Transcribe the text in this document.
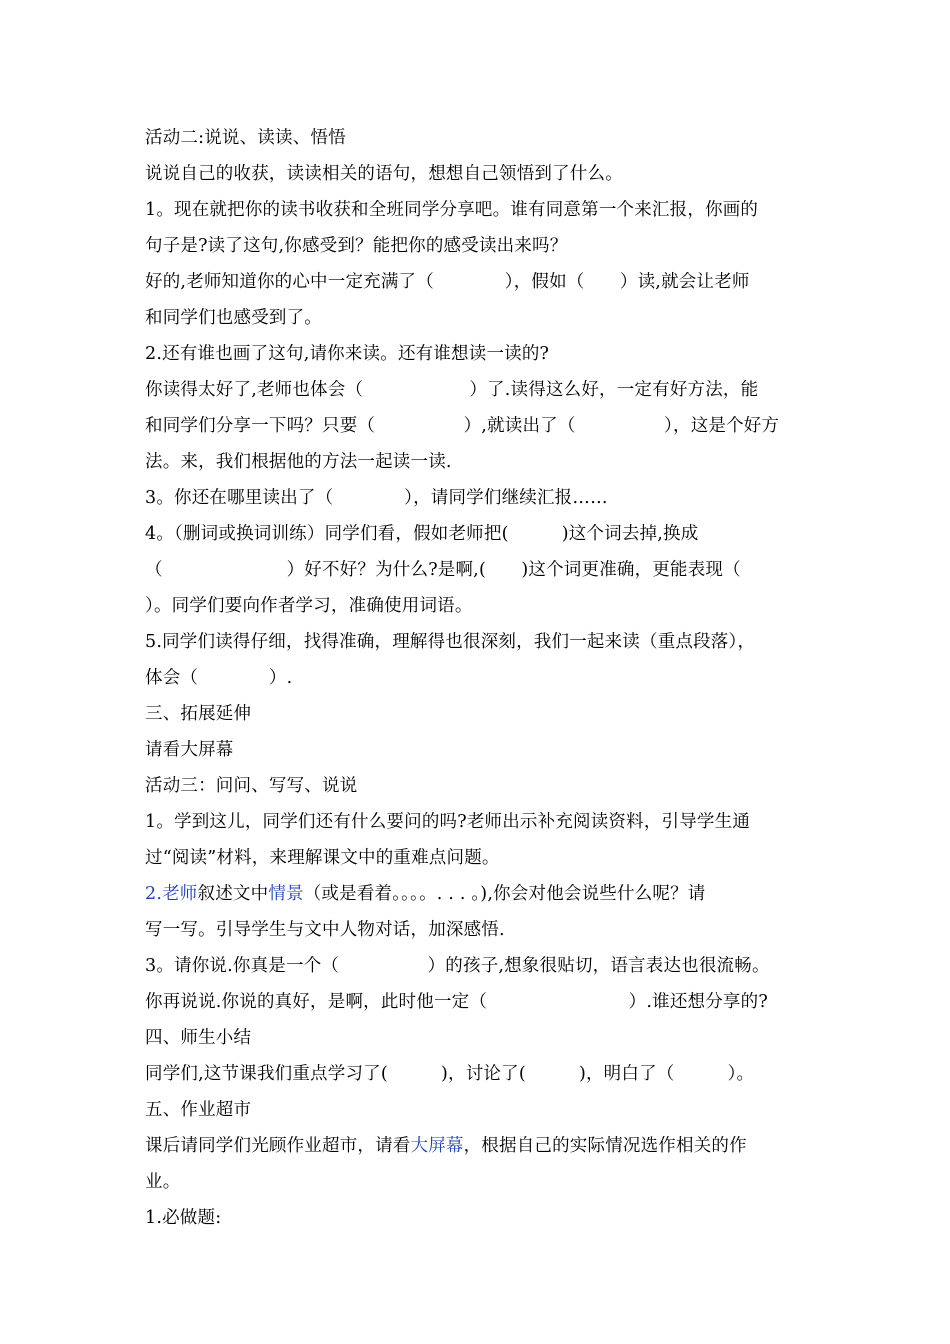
活动二:说说、读读、悟悟
说说自己的收获，读读相关的语句，想想自己领悟到了什么。
1。现在就把你的读书收获和全班同学分享吧。谁有同意第一个来汇报，你画的
句子是?读了这句,你感受到？能把你的感受读出来吗？
好的,老师知道你的心中一定充满了（　　　　），假如（　　）读,就会让老师
和同学们也感受到了。
2.还有谁也画了这句,请你来读。还有谁想读一读的?
你读得太好了,老师也体会（　　　　　　）了.读得这么好，一定有好方法，能
和同学们分享一下吗？只要（　　　　　）,就读出了（　　　　　），这是个好方
法。来，我们根据他的方法一起读一读.
3。你还在哪里读出了（　　　　），请同学们继续汇报……
4。（删词或换词训练）同学们看，假如老师把(　　　)这个词去掉,换成
（　　　　　　　）好不好？为什么?是啊,(　　)这个词更准确，更能表现（
）。同学们要向作者学习，准确使用词语。
5.同学们读得仔细，找得准确，理解得也很深刻，我们一起来读（重点段落），
体会（　　　　）.
三、拓展延伸
请看大屏幕
活动三：问问、写写、说说
1。学到这儿，同学们还有什么要问的吗?老师出示补充阅读资料，引导学生通
过“阅读”材料，来理解课文中的重难点问题。
2.老师叙述文中情景（或是看着。。。。. . . 。),你会对他会说些什么呢？请
写一写。引导学生与文中人物对话，加深感悟.
3。请你说.你真是一个（　　　　　）的孩子,想象很贴切，语言表达也很流畅。
你再说说.你说的真好，是啊，此时他一定（　　　　　　　　）.谁还想分享的?
四、师生小结
同学们,这节课我们重点学习了(　　　)，讨论了(　　　)，明白了（　　　）。
五、作业超市
课后请同学们光顾作业超市，请看大屏幕，根据自己的实际情况选作相关的作
业。
1.必做题:
